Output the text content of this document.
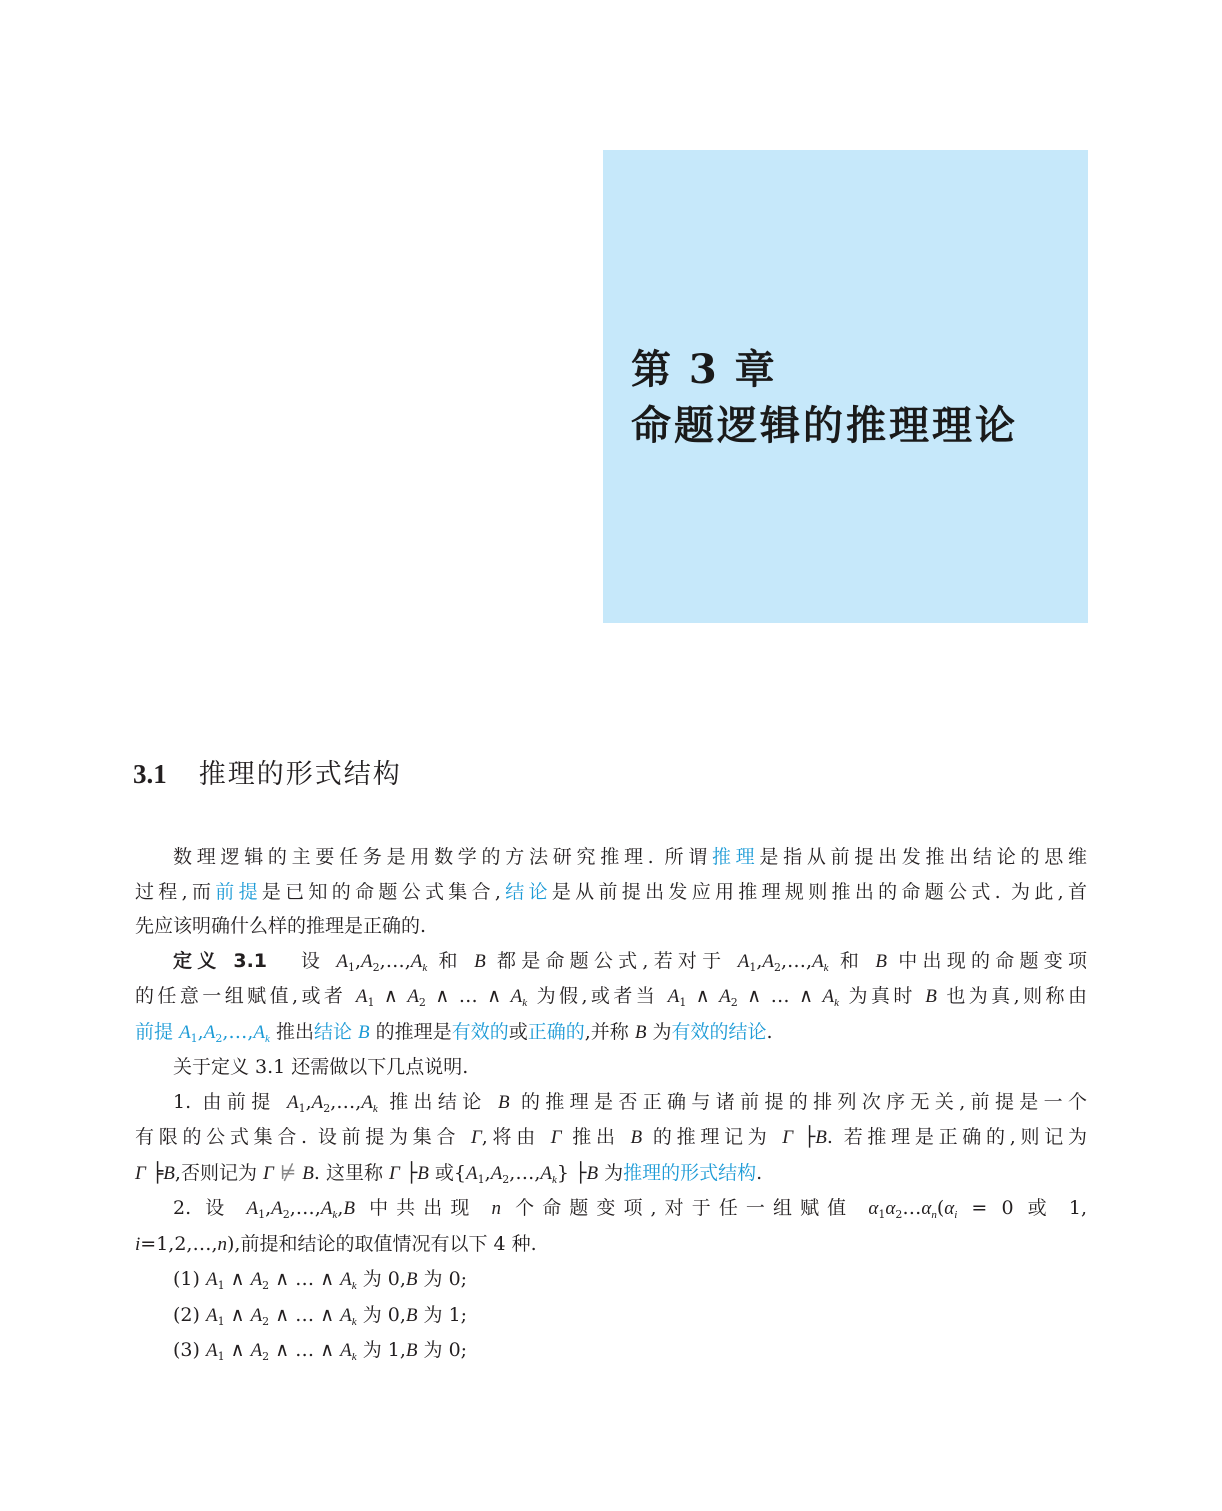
第 3 章
命题逻辑的推理理论
3.1 推理的形式结构
数理逻辑的主要任务是用数学的方法研究推理. 所谓推理是指从前提出发推出结论的思维
过程,而前提是已知的命题公式集合,结论是从前提出发应用推理规则推出的命题公式. 为此,首
先应该明确什么样的推理是正确的.
定义 3.1   设 $A_1,A_2,\dots,A_k$ 和 B 都是命题公式,若对于 $A_1,A_2,\dots,A_k$ 和 B 中出现的命题变项
的任意一组赋值,或者 $A_1$ ∧ $A_2$ ∧ … ∧ $A_k$ 为假,或者当 $A_1$ ∧ $A_2$ ∧ … ∧ $A_k$ 为真时 B 也为真,则称由
前提 $A_1,A_2,\dots,A_k$ 推出结论 B 的推理是有效的或正确的,并称 B 为有效的结论.
关于定义 3.1 还需做以下几点说明.
1. 由前提 $A_1,A_2,\dots,A_k$ 推出结论 B 的推理是否正确与诸前提的排列次序无关,前提是一个
有限的公式集合. 设前提为集合 Γ,将由 Γ 推出 B 的推理记为 Γ ├B. 若推理是正确的,则记为
Γ ╞B,否则记为 Γ ⊭ B. 这里称 Γ ├B 或$\{A_1,A_2,\dots,A_k\}$ ├B 为推理的形式结构.
2. 设 $A_1,A_2,\dots,A_k,B$ 中共出现 n 个命题变项,对于任一组赋值 $\alpha_1\alpha_2\dots\alpha_n(\alpha_i = 0$ 或 1,
i=1,2,…,n),前提和结论的取值情况有以下 4 种.
(1) $A_1$ ∧ $A_2$ ∧ … ∧ $A_k$ 为 0,B 为 0;
(2) $A_1$ ∧ $A_2$ ∧ … ∧ $A_k$ 为 0,B 为 1;
(3) $A_1$ ∧ $A_2$ ∧ … ∧ $A_k$ 为 1,B 为 0;
